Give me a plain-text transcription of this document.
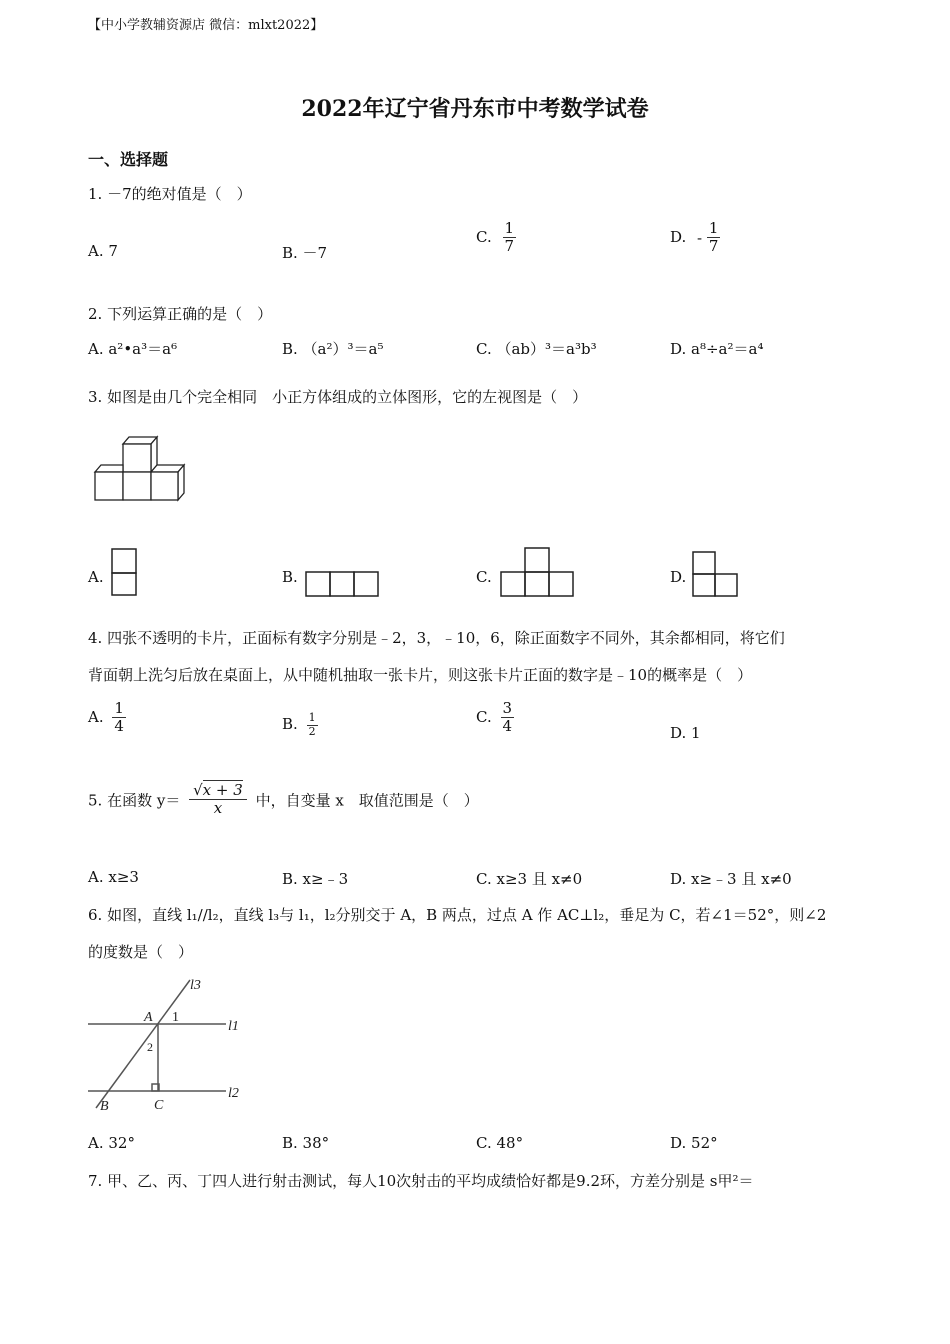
【中小学教辅资源店 微信：mlxt2022】
2022年辽宁省丹东市中考数学试卷
一、选择题
1. －7的绝对值是（　）
A. 7	B. －7
C. $\frac{1}{7}$	D. - $\frac{1}{7}$
2. 下列运算正确的是（　）
A. a²•a³＝a⁶	B. （a²）³＝a⁵	C. （ab）³＝a³b³	D. a⁸÷a²＝a⁴
3. 如图是由几个完全相同　小正方体组成的立体图形，它的左视图是（　）
A.	B.	C.	D.
4. 四张不透明的卡片，正面标有数字分别是﹣2，3，﹣10，6，除正面数字不同外，其余都相同，将它们
背面朝上洗匀后放在桌面上，从中随机抽取一张卡片，则这张卡片正面的数字是﹣10的概率是（　）
A. $\frac{1}{4}$	B. $\frac{1}{2}$	C. $\frac{3}{4}$	D. 1
5. 在函数 $y= \frac{√x + 3}{x}$ 中，自变量 x　取值范围是（　）
A. x≥3	B. x≥﹣3	C. x≥3 且 x≠0	D. x≥﹣3 且 x≠0
6. 如图，直线 l₁//l₂，直线 l₃与 l₁，l₂分别交于 A，B 两点，过点 A 作 AC⊥l₂，垂足为 C，若∠1＝52°，则∠2
的度数是（　）
l3
l1
l2
A
B	C
1
2
A. 32°	B. 38°	C. 48°	D. 52°
7. 甲、乙、丙、丁四人进行射击测试，每人10次射击的平均成绩恰好都是9.2环，方差分别是 s甲²＝
